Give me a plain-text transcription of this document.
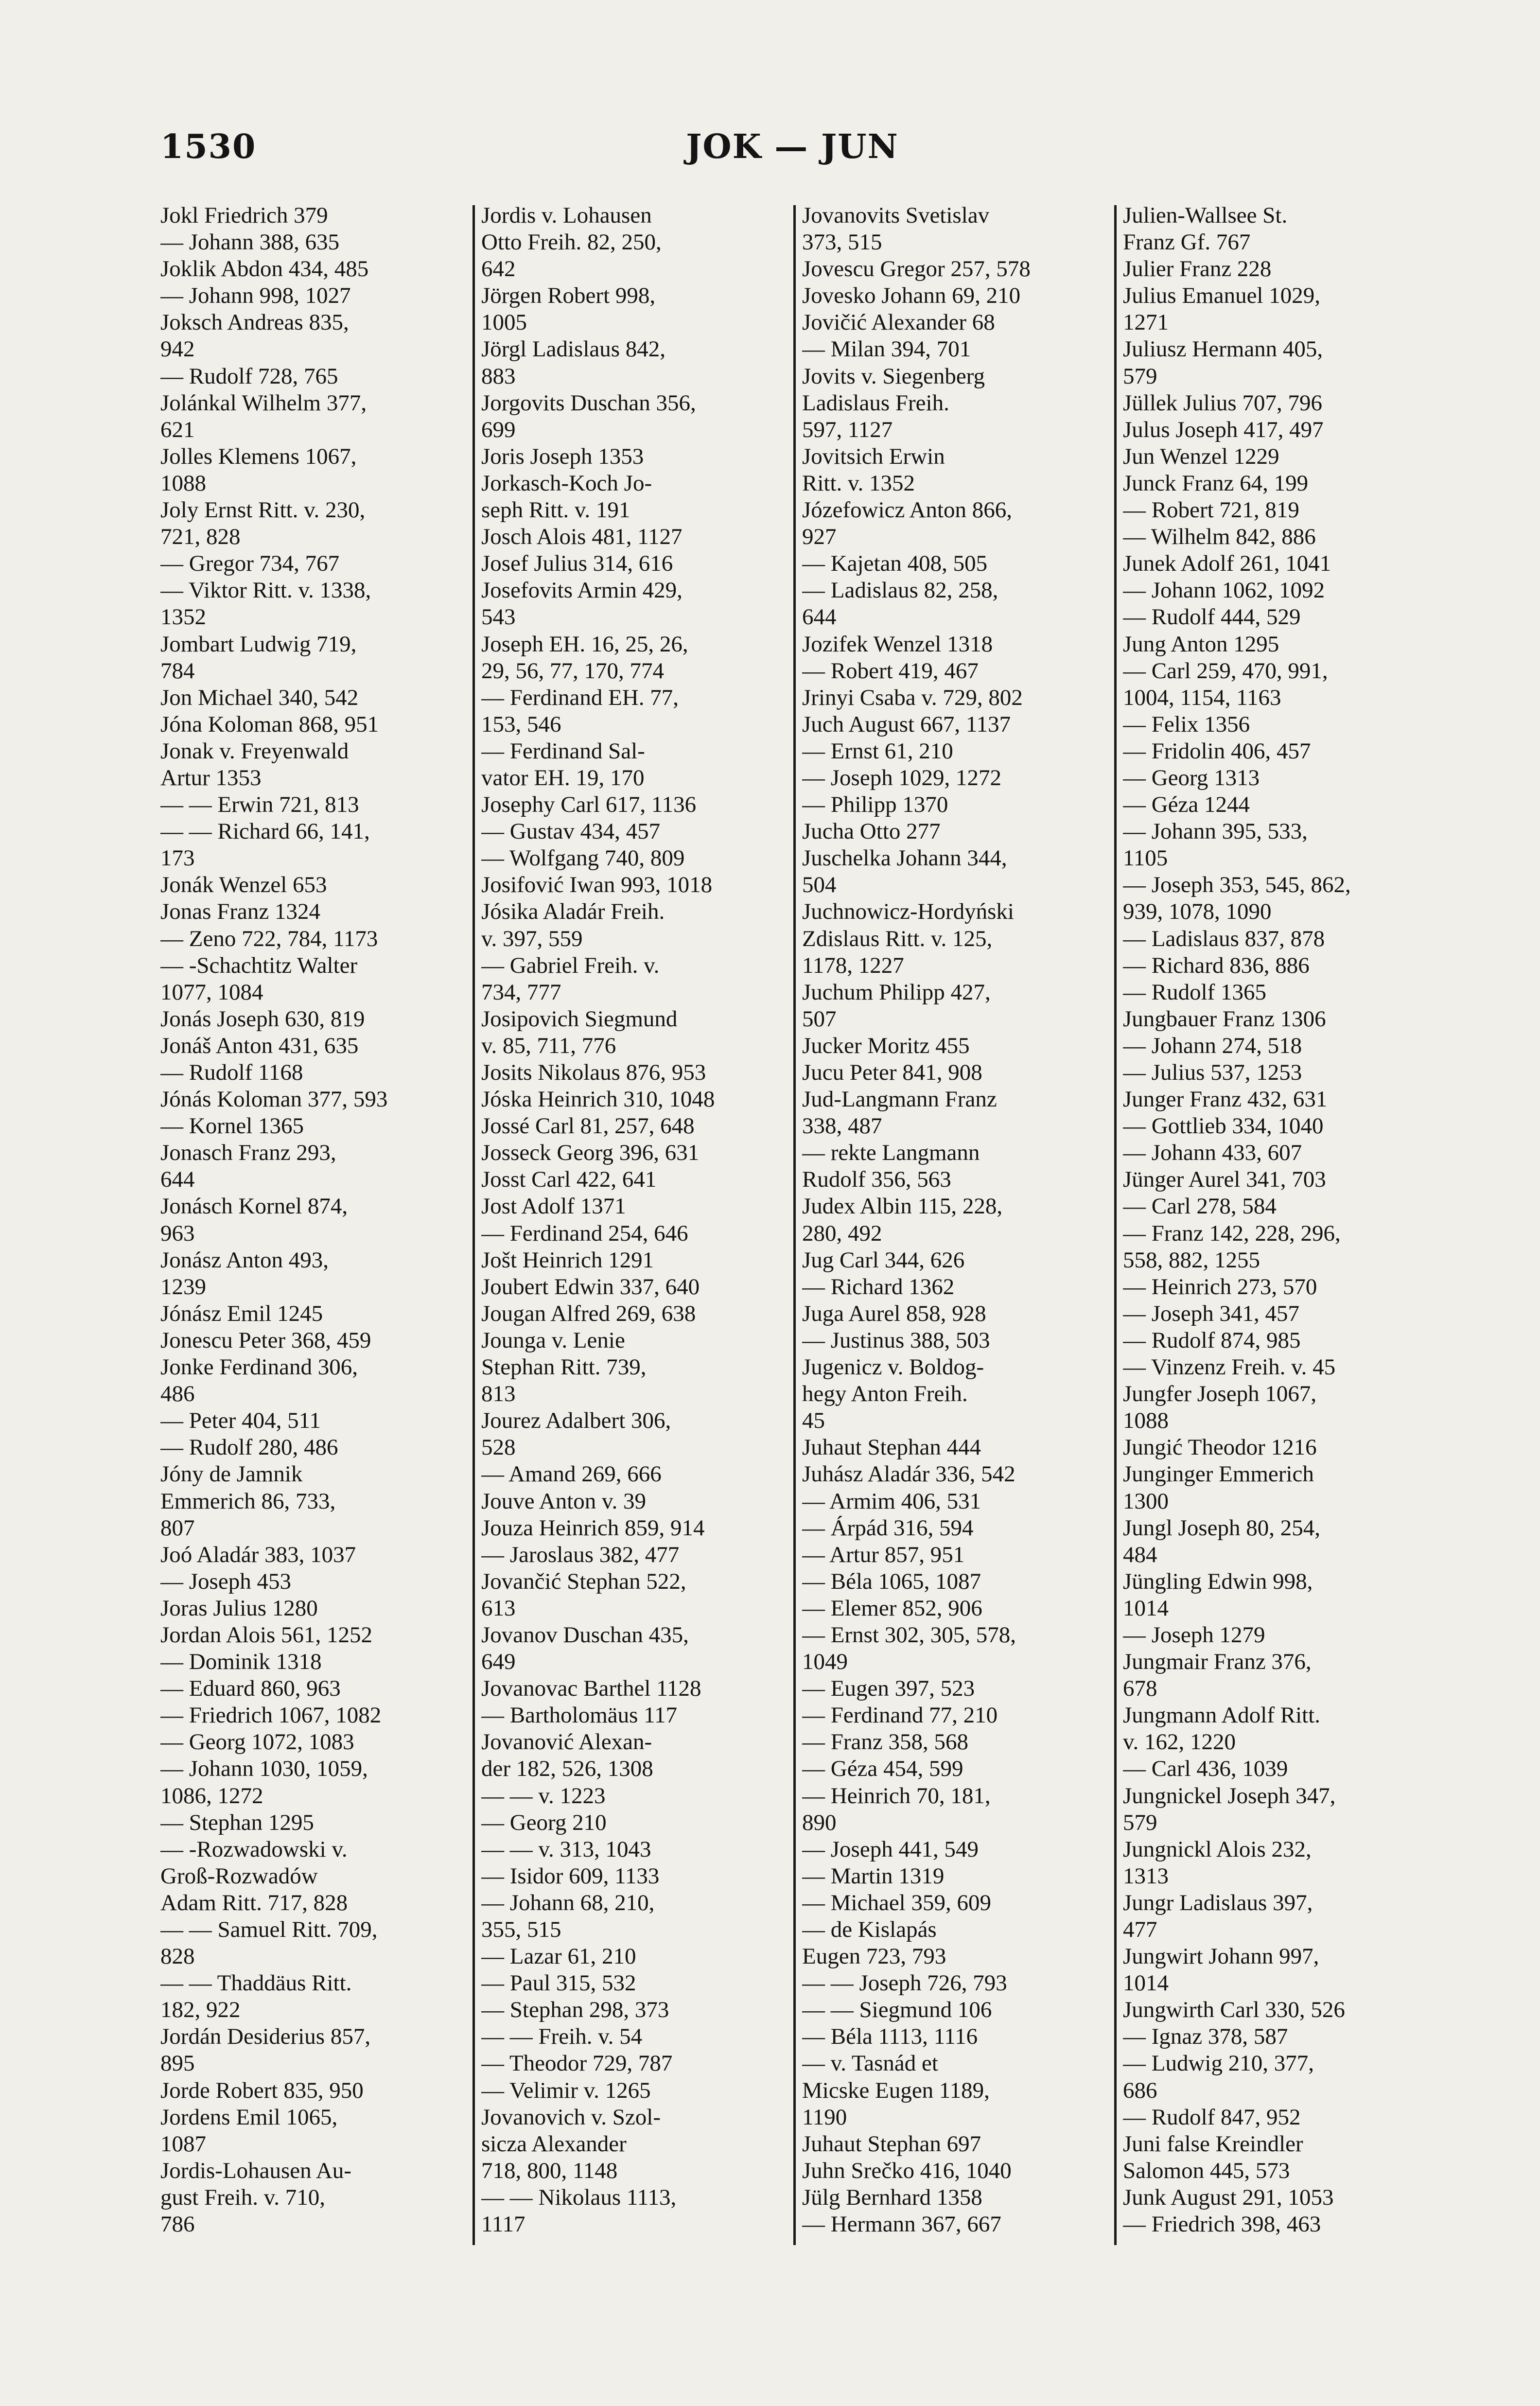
1530	JOK — JUN
Jokl Friedrich 379
— Johann 388, 635
Joklik Abdon 434, 485
— Johann 998, 1027
Joksch Andreas 835,
942
— Rudolf 728, 765
Jolánkal Wilhelm 377,
621
Jolles Klemens 1067,
1088
Joly Ernst Ritt. v. 230,
721, 828
— Gregor 734, 767
— Viktor Ritt. v. 1338,
1352
Jombart Ludwig 719,
784
Jon Michael 340, 542
Jóna Koloman 868, 951
Jonak v. Freyenwald
Artur 1353
— — Erwin 721, 813
— — Richard 66, 141,
173
Jonák Wenzel 653
Jonas Franz 1324
— Zeno 722, 784, 1173
— -Schachtitz Walter
1077, 1084
Jonás Joseph 630, 819
Jonáš Anton 431, 635
— Rudolf 1168
Jónás Koloman 377, 593
— Kornel 1365
Jonasch Franz 293,
644
Jonásch Kornel 874,
963
Jonász Anton 493,
1239
Jónász Emil 1245
Jonescu Peter 368, 459
Jonke Ferdinand 306,
486
— Peter 404, 511
— Rudolf 280, 486
Jóny de Jamnik
Emmerich 86, 733,
807
Joó Aladár 383, 1037
— Joseph 453
Joras Julius 1280
Jordan Alois 561, 1252
— Dominik 1318
— Eduard 860, 963
— Friedrich 1067, 1082
— Georg 1072, 1083
— Johann 1030, 1059,
1086, 1272
— Stephan 1295
— -Rozwadowski v.
Groß-Rozwadów
Adam Ritt. 717, 828
— — Samuel Ritt. 709,
828
— — Thaddäus Ritt.
182, 922
Jordán Desiderius 857,
895
Jorde Robert 835, 950
Jordens Emil 1065,
1087
Jordis-Lohausen Au-
gust Freih. v. 710,
786
Jordis v. Lohausen
Otto Freih. 82, 250,
642
Jörgen Robert 998,
1005
Jörgl Ladislaus 842,
883
Jorgovits Duschan 356,
699
Joris Joseph 1353
Jorkasch-Koch Jo-
seph Ritt. v. 191
Josch Alois 481, 1127
Josef Julius 314, 616
Josefovits Armin 429,
543
Joseph EH. 16, 25, 26,
29, 56, 77, 170, 774
— Ferdinand EH. 77,
153, 546
— Ferdinand Sal-
vator EH. 19, 170
Josephy Carl 617, 1136
— Gustav 434, 457
— Wolfgang 740, 809
Josifović Iwan 993, 1018
Jósika Aladár Freih.
v. 397, 559
— Gabriel Freih. v.
734, 777
Josipovich Siegmund
v. 85, 711, 776
Josits Nikolaus 876, 953
Jóska Heinrich 310, 1048
Jossé Carl 81, 257, 648
Josseck Georg 396, 631
Josst Carl 422, 641
Jost Adolf 1371
— Ferdinand 254, 646
Jošt Heinrich 1291
Joubert Edwin 337, 640
Jougan Alfred 269, 638
Jounga v. Lenie
Stephan Ritt. 739,
813
Jourez Adalbert 306,
528
— Amand 269, 666
Jouve Anton v. 39
Jouza Heinrich 859, 914
— Jaroslaus 382, 477
Jovančić Stephan 522,
613
Jovanov Duschan 435,
649
Jovanovac Barthel 1128
— Bartholomäus 117
Jovanović Alexan-
der 182, 526, 1308
— — v. 1223
— Georg 210
— — v. 313, 1043
— Isidor 609, 1133
— Johann 68, 210,
355, 515
— Lazar 61, 210
— Paul 315, 532
— Stephan 298, 373
— — Freih. v. 54
— Theodor 729, 787
— Velimir v. 1265
Jovanovich v. Szol-
sicza Alexander
718, 800, 1148
— — Nikolaus 1113,
1117
Jovanovits Svetislav
373, 515
Jovescu Gregor 257, 578
Jovesko Johann 69, 210
Jovičić Alexander 68
— Milan 394, 701
Jovits v. Siegenberg
Ladislaus Freih.
597, 1127
Jovitsich Erwin
Ritt. v. 1352
Józefowicz Anton 866,
927
— Kajetan 408, 505
— Ladislaus 82, 258,
644
Jozifek Wenzel 1318
— Robert 419, 467
Jrinyi Csaba v. 729, 802
Juch August 667, 1137
— Ernst 61, 210
— Joseph 1029, 1272
— Philipp 1370
Jucha Otto 277
Juschelka Johann 344,
504
Juchnowicz-Hordyński
Zdislaus Ritt. v. 125,
1178, 1227
Juchum Philipp 427,
507
Jucker Moritz 455
Jucu Peter 841, 908
Jud-Langmann Franz
338, 487
— rekte Langmann
Rudolf 356, 563
Judex Albin 115, 228,
280, 492
Jug Carl 344, 626
— Richard 1362
Juga Aurel 858, 928
— Justinus 388, 503
Jugenicz v. Boldog-
hegy Anton Freih.
45
Juhaut Stephan 444
Juhász Aladár 336, 542
— Armim 406, 531
— Árpád 316, 594
— Artur 857, 951
— Béla 1065, 1087
— Elemer 852, 906
— Ernst 302, 305, 578,
1049
— Eugen 397, 523
— Ferdinand 77, 210
— Franz 358, 568
— Géza 454, 599
— Heinrich 70, 181,
890
— Joseph 441, 549
— Martin 1319
— Michael 359, 609
— de Kislapás
Eugen 723, 793
— — Joseph 726, 793
— — Siegmund 106
— Béla 1113, 1116
— v. Tasnád et
Micske Eugen 1189,
1190
Juhaut Stephan 697
Juhn Srečko 416, 1040
Jülg Bernhard 1358
— Hermann 367, 667
Julien-Wallsee St.
Franz Gf. 767
Julier Franz 228
Julius Emanuel 1029,
1271
Juliusz Hermann 405,
579
Jüllek Julius 707, 796
Julus Joseph 417, 497
Jun Wenzel 1229
Junck Franz 64, 199
— Robert 721, 819
— Wilhelm 842, 886
Junek Adolf 261, 1041
— Johann 1062, 1092
— Rudolf 444, 529
Jung Anton 1295
— Carl 259, 470, 991,
1004, 1154, 1163
— Felix 1356
— Fridolin 406, 457
— Georg 1313
— Géza 1244
— Johann 395, 533,
1105
— Joseph 353, 545, 862,
939, 1078, 1090
— Ladislaus 837, 878
— Richard 836, 886
— Rudolf 1365
Jungbauer Franz 1306
— Johann 274, 518
— Julius 537, 1253
Junger Franz 432, 631
— Gottlieb 334, 1040
— Johann 433, 607
Jünger Aurel 341, 703
— Carl 278, 584
— Franz 142, 228, 296,
558, 882, 1255
— Heinrich 273, 570
— Joseph 341, 457
— Rudolf 874, 985
— Vinzenz Freih. v. 45
Jungfer Joseph 1067,
1088
Jungić Theodor 1216
Junginger Emmerich
1300
Jungl Joseph 80, 254,
484
Jüngling Edwin 998,
1014
— Joseph 1279
Jungmair Franz 376,
678
Jungmann Adolf Ritt.
v. 162, 1220
— Carl 436, 1039
Jungnickel Joseph 347,
579
Jungnickl Alois 232,
1313
Jungr Ladislaus 397,
477
Jungwirt Johann 997,
1014
Jungwirth Carl 330, 526
— Ignaz 378, 587
— Ludwig 210, 377,
686
— Rudolf 847, 952
Juni false Kreindler
Salomon 445, 573
Junk August 291, 1053
— Friedrich 398, 463
